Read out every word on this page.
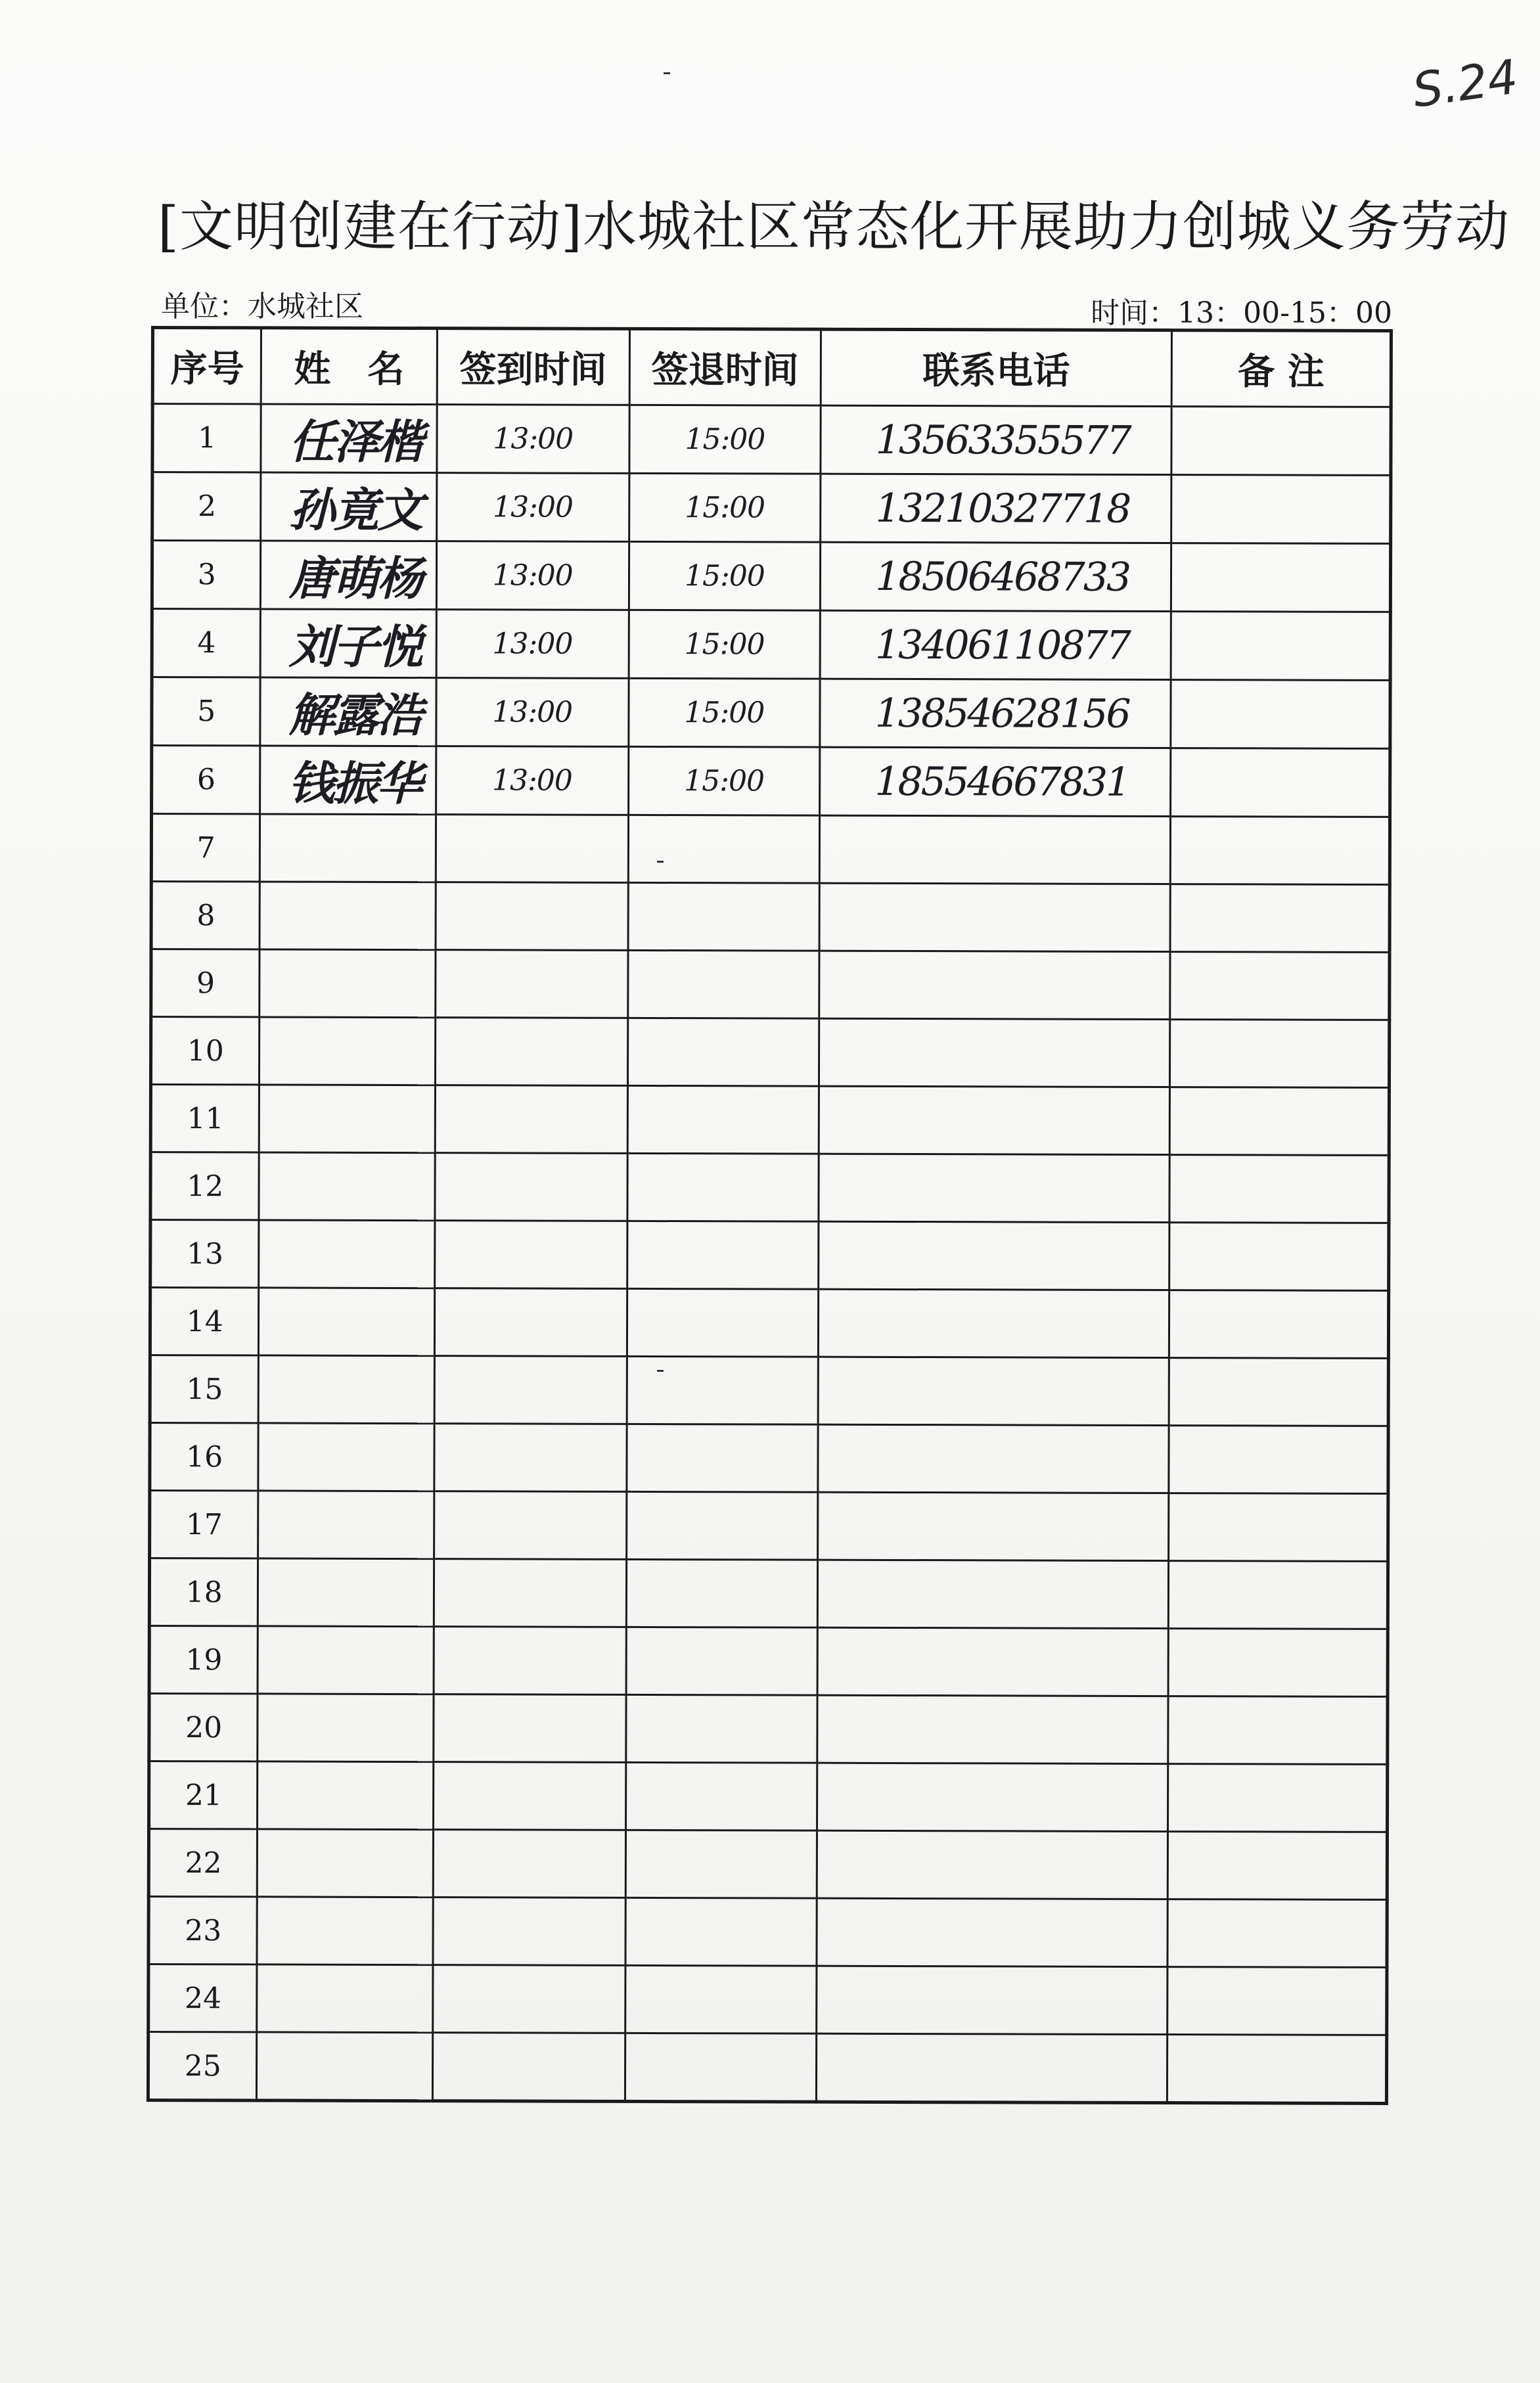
S.24
[文明创建在行动]水城社区常态化开展助力创城义务劳动
单位：水城社区	时间：13：00-15：00
序号	姓　名	签到时间	签退时间	联系电话	备 注
1	任泽楷	13:00	15:00	13563355577	
2	孙竟文	13:00	15:00	13210327718	
3	唐萌杨	13:00	15:00	18506468733	
4	刘子悦	13:00	15:00	13406110877	
5	解露浩	13:00	15:00	13854628156	
6	钱振华	13:00	15:00	18554667831	
7					
8					
9					
10					
11					
12					
13					
14					
15					
16					
17					
18					
19					
20					
21					
22					
23					
24					
25					
